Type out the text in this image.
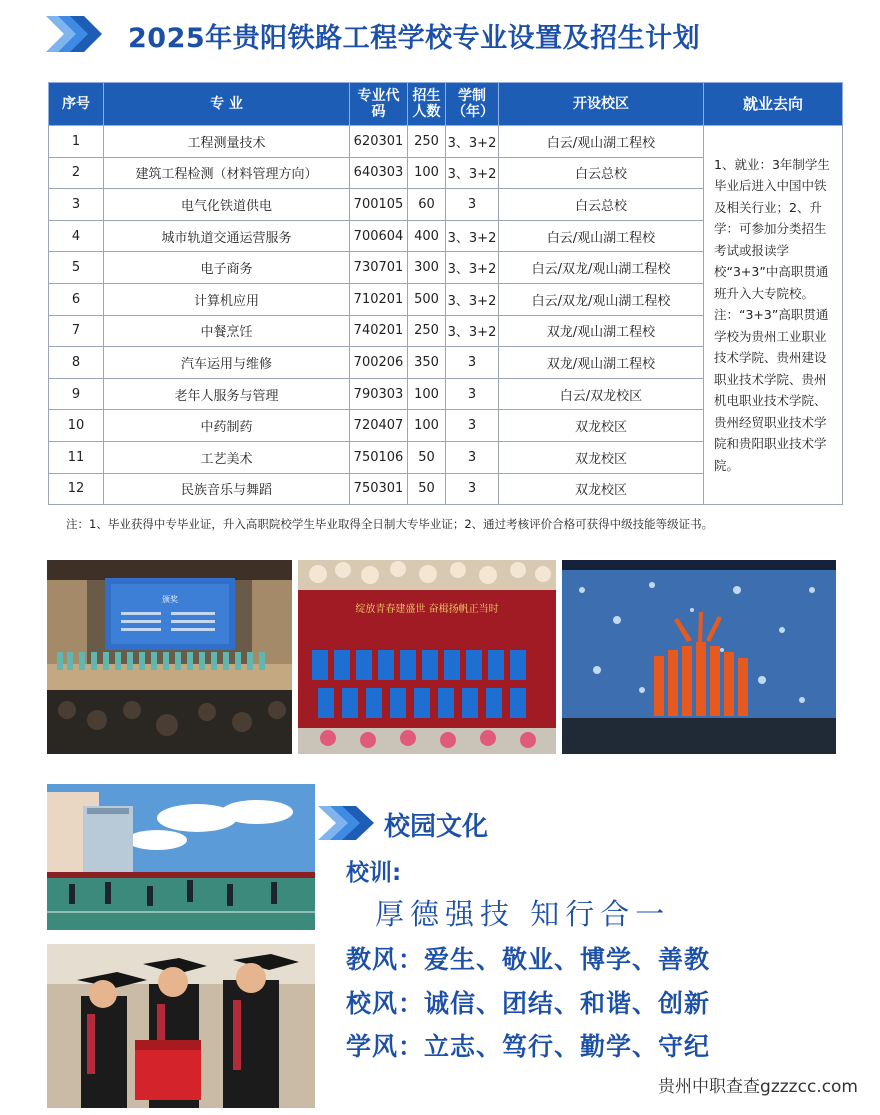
2025年贵阳铁路工程学校专业设置及招生计划
序号	专 业	专业代码	招生人数	学制（年）	开设校区	就业去向
1	工程测量技术	620301	250	3、3+2	白云/观山湖工程校	1、就业：3年制学生毕业后进入中国中铁及相关行业；2、升学：可参加分类招生考试或报读学校“3+3”中高职贯通班升入大专院校。注：“3+3”高职贯通学校为贵州工业职业技术学院、贵州建设职业技术学院、贵州机电职业技术学院、贵州经贸职业技术学院和贵阳职业技术学院。
2	建筑工程检测（材料管理方向）	640303	100	3、3+2	白云总校	
3	电气化铁道供电	700105	60	3	白云总校	
4	城市轨道交通运营服务	700604	400	3、3+2	白云/观山湖工程校	
5	电子商务	730701	300	3、3+2	白云/双龙/观山湖工程校	
6	计算机应用	710201	500	3、3+2	白云/双龙/观山湖工程校	
7	中餐烹饪	740201	250	3、3+2	双龙/观山湖工程校	
8	汽车运用与维修	700206	350	3	双龙/观山湖工程校	
9	老年人服务与管理	790303	100	3	白云/双龙校区	
10	中药制药	720407	100	3	双龙校区	
11	工艺美术	750106	50	3	双龙校区	
12	民族音乐与舞蹈	750301	50	3	双龙校区	
注：1、毕业获得中专毕业证，升入高职院校学生毕业取得全日制大专毕业证；2、通过考核评价合格可获得中级技能等级证书。
颁奖
绽放青春建盛世 奋楫扬帆正当时
校园文化
校训:
厚德强技 知行合一
教风：爱生、敬业、博学、善教
校风：诚信、团结、和谐、创新
学风：立志、笃行、勤学、守纪
贵州中职查查gzzzcc.com
